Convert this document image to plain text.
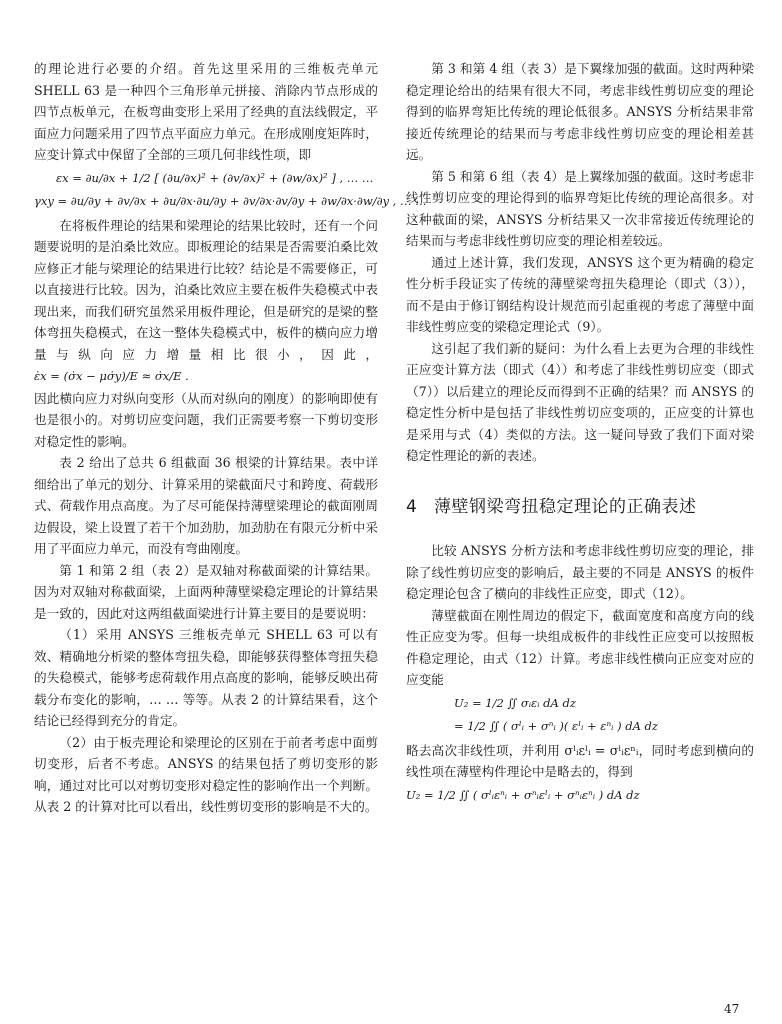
的理论进行必要的介绍。首先这里采用的三维板壳单元 SHELL 63 是一种四个三角形单元拼接、消除内节点形成的四节点板单元，在板弯曲变形上采用了经典的直法线假定，平面应力问题采用了四节点平面应力单元。在形成刚度矩阵时，应变计算式中保留了全部的三项几何非线性项，即

εx = ∂u/∂x + 1/2 [ (∂u/∂x)² + (∂v/∂x)² + (∂w/∂x)² ] , … …
γxy = ∂u/∂y + ∂v/∂x + ∂u/∂x·∂u/∂y + ∂v/∂x·∂v/∂y + ∂w/∂x·∂w/∂y , … …

在将板件理论的结果和梁理论的结果比较时，还有一个问题要说明的是泊桑比效应。即板理论的结果是否需要泊桑比效应修正才能与梁理论的结果进行比较？结论是不需要修正，可以直接进行比较。因为，泊桑比效应主要在板件失稳模式中表现出来，而我们研究虽然采用板件理论，但是研究的是梁的整体弯扭失稳模式，在这一整体失稳模式中，板件的横向应力增量与纵向应力增量相比很小，因此，ε̇x = (σ̇x − μσ̇y)/E ≈ σ̇x/E .

因此横向应力对纵向变形（从而对纵向的刚度）的影响即使有也是很小的。对剪切应变问题，我们正需要考察一下剪切变形对稳定性的影响。

表 2 给出了总共 6 组截面 36 根梁的计算结果。表中详细给出了单元的划分、计算采用的梁截面尺寸和跨度、荷载形式、荷载作用点高度。为了尽可能保持薄壁梁理论的截面刚周边假设，梁上设置了若干个加劲肋，加劲肋在有限元分析中采用了平面应力单元，而没有弯曲刚度。

第 1 和第 2 组（表 2）是双轴对称截面梁的计算结果。因为对双轴对称截面梁，上面两种薄壁梁稳定理论的计算结果是一致的，因此对这两组截面梁进行计算主要目的是要说明：

（1）采用 ANSYS 三维板壳单元 SHELL 63 可以有效、精确地分析梁的整体弯扭失稳，即能够获得整体弯扭失稳的失稳模式，能够考虑荷载作用点高度的影响，能够反映出荷载分布变化的影响，… … 等等。从表 2 的计算结果看，这个结论已经得到充分的肯定。

（2）由于板壳理论和梁理论的区别在于前者考虑中面剪切变形，后者不考虑。ANSYS 的结果包括了剪切变形的影响，通过对比可以对剪切变形对稳定性的影响作出一个判断。从表 2 的计算对比可以看出，线性剪切变形的影响是不大的。

第 3 和第 4 组（表 3）是下翼缘加强的截面。这时两种梁稳定理论给出的结果有很大不同，考虑非线性剪切应变的理论得到的临界弯矩比传统的理论低很多。ANSYS 分析结果非常接近传统理论的结果而与考虑非线性剪切应变的理论相差甚远。

第 5 和第 6 组（表 4）是上翼缘加强的截面。这时考虑非线性剪切应变的理论得到的临界弯矩比传统的理论高很多。对这种截面的梁，ANSYS 分析结果又一次非常接近传统理论的结果而与考虑非线性剪切应变的理论相差较远。

通过上述计算，我们发现，ANSYS 这个更为精确的稳定性分析手段证实了传统的薄壁梁弯扭失稳理论（即式（3）），而不是由于修订钢结构设计规范而引起重视的考虑了薄壁中面非线性剪应变的梁稳定理论式（9）。

这引起了我们新的疑问：为什么看上去更为合理的非线性正应变计算方法（即式（4））和考虑了非线性剪切应变（即式（7））以后建立的理论反而得到不正确的结果？而 ANSYS 的稳定性分析中是包括了非线性剪切应变项的，正应变的计算也是采用与式（4）类似的方法。这一疑问导致了我们下面对梁稳定性理论的新的表述。

4 薄壁钢梁弯扭稳定理论的正确表述

比较 ANSYS 分析方法和考虑非线性剪切应变的理论，排除了线性剪切应变的影响后，最主要的不同是 ANSYS 的板件稳定理论包含了横向的非线性正应变，即式（12）。

薄壁截面在刚性周边的假定下，截面宽度和高度方向的线性正应变为零。但每一块组成板件的非线性正应变可以按照板件稳定理论，由式（12）计算。考虑非线性横向正应变对应的应变能

U₂ = 1/2 ∬ σᵢεᵢ dA dz
= 1/2 ∬ ( σˡᵢ + σⁿᵢ )( εˡᵢ + εⁿᵢ ) dA dz

略去高次非线性项，并利用 σˡᵢεˡᵢ = σˡᵢεⁿᵢ，同时考虑到横向的线性项在薄壁构件理论中是略去的，得到

U₂ = 1/2 ∬ ( σˡᵢεⁿᵢ + σⁿᵢεˡᵢ + σⁿᵢεⁿᵢ ) dA dz
47
